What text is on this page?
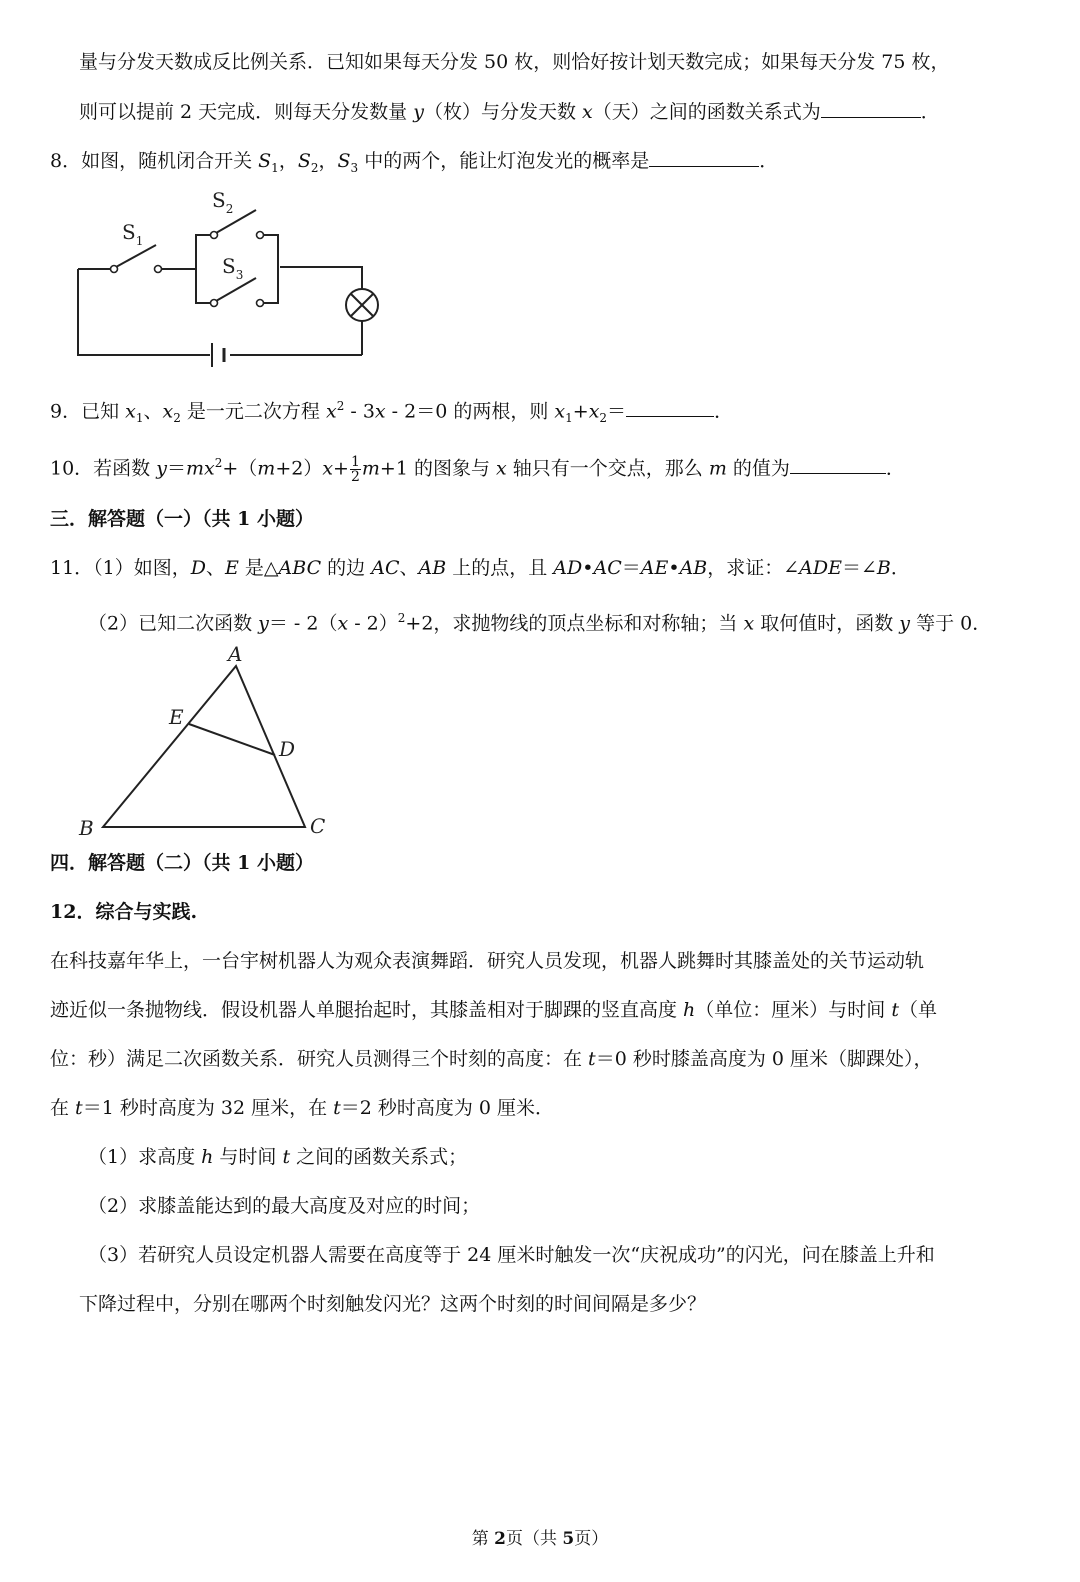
量与分发天数成反比例关系．已知如果每天分发 50 枚，则恰好按计划天数完成；如果每天分发 75 枚，
则可以提前 2 天完成．则每天分发数量 y（枚）与分发天数 x（天）之间的函数关系式为	．
8．如图，随机闭合开关 $S_1$，$S_2$，$S_3$ 中的两个，能让灯泡发光的概率是	．
$S_1$
$S_2$
$S_3$
9．已知 $x_1$、$x_2$ 是一元二次方程 $x^2 - 3x - 2=0$ 的两根，则 $x_1+x_2=$	．
10．若函数 $y=mx^2+(m+2)x+ \frac{1}{2} m+1$ 的图象与 x 轴只有一个交点，那么 m 的值为	．
三．解答题（一）（共 1 小题）
11．（1）如图，D、E 是△ABC 的边 AC、AB 上的点，且 AD•AC＝AE•AB，求证：∠ADE＝∠B．
（2）已知二次函数 y＝ - 2（x - 2）$^2$+2，求抛物线的顶点坐标和对称轴；当 x 取何值时，函数 y 等于 0．
A
B	C
D
E
四．解答题（二）（共 1 小题）
12．综合与实践.
在科技嘉年华上，一台宇树机器人为观众表演舞蹈．研究人员发现，机器人跳舞时其膝盖处的关节运动轨
迹近似一条抛物线．假设机器人单腿抬起时，其膝盖相对于脚踝的竖直高度 h（单位：厘米）与时间 t（单
位：秒）满足二次函数关系．研究人员测得三个时刻的高度：在 t＝0 秒时膝盖高度为 0 厘米（脚踝处），
在 t＝1 秒时高度为 32 厘米，在 t＝2 秒时高度为 0 厘米．
（1）求高度 h 与时间 t 之间的函数关系式；
（2）求膝盖能达到的最大高度及对应的时间；
（3）若研究人员设定机器人需要在高度等于 24 厘米时触发一次“庆祝成功”的闪光，问在膝盖上升和
下降过程中，分别在哪两个时刻触发闪光？这两个时刻的时间间隔是多少？
第 2页（共 5页）
